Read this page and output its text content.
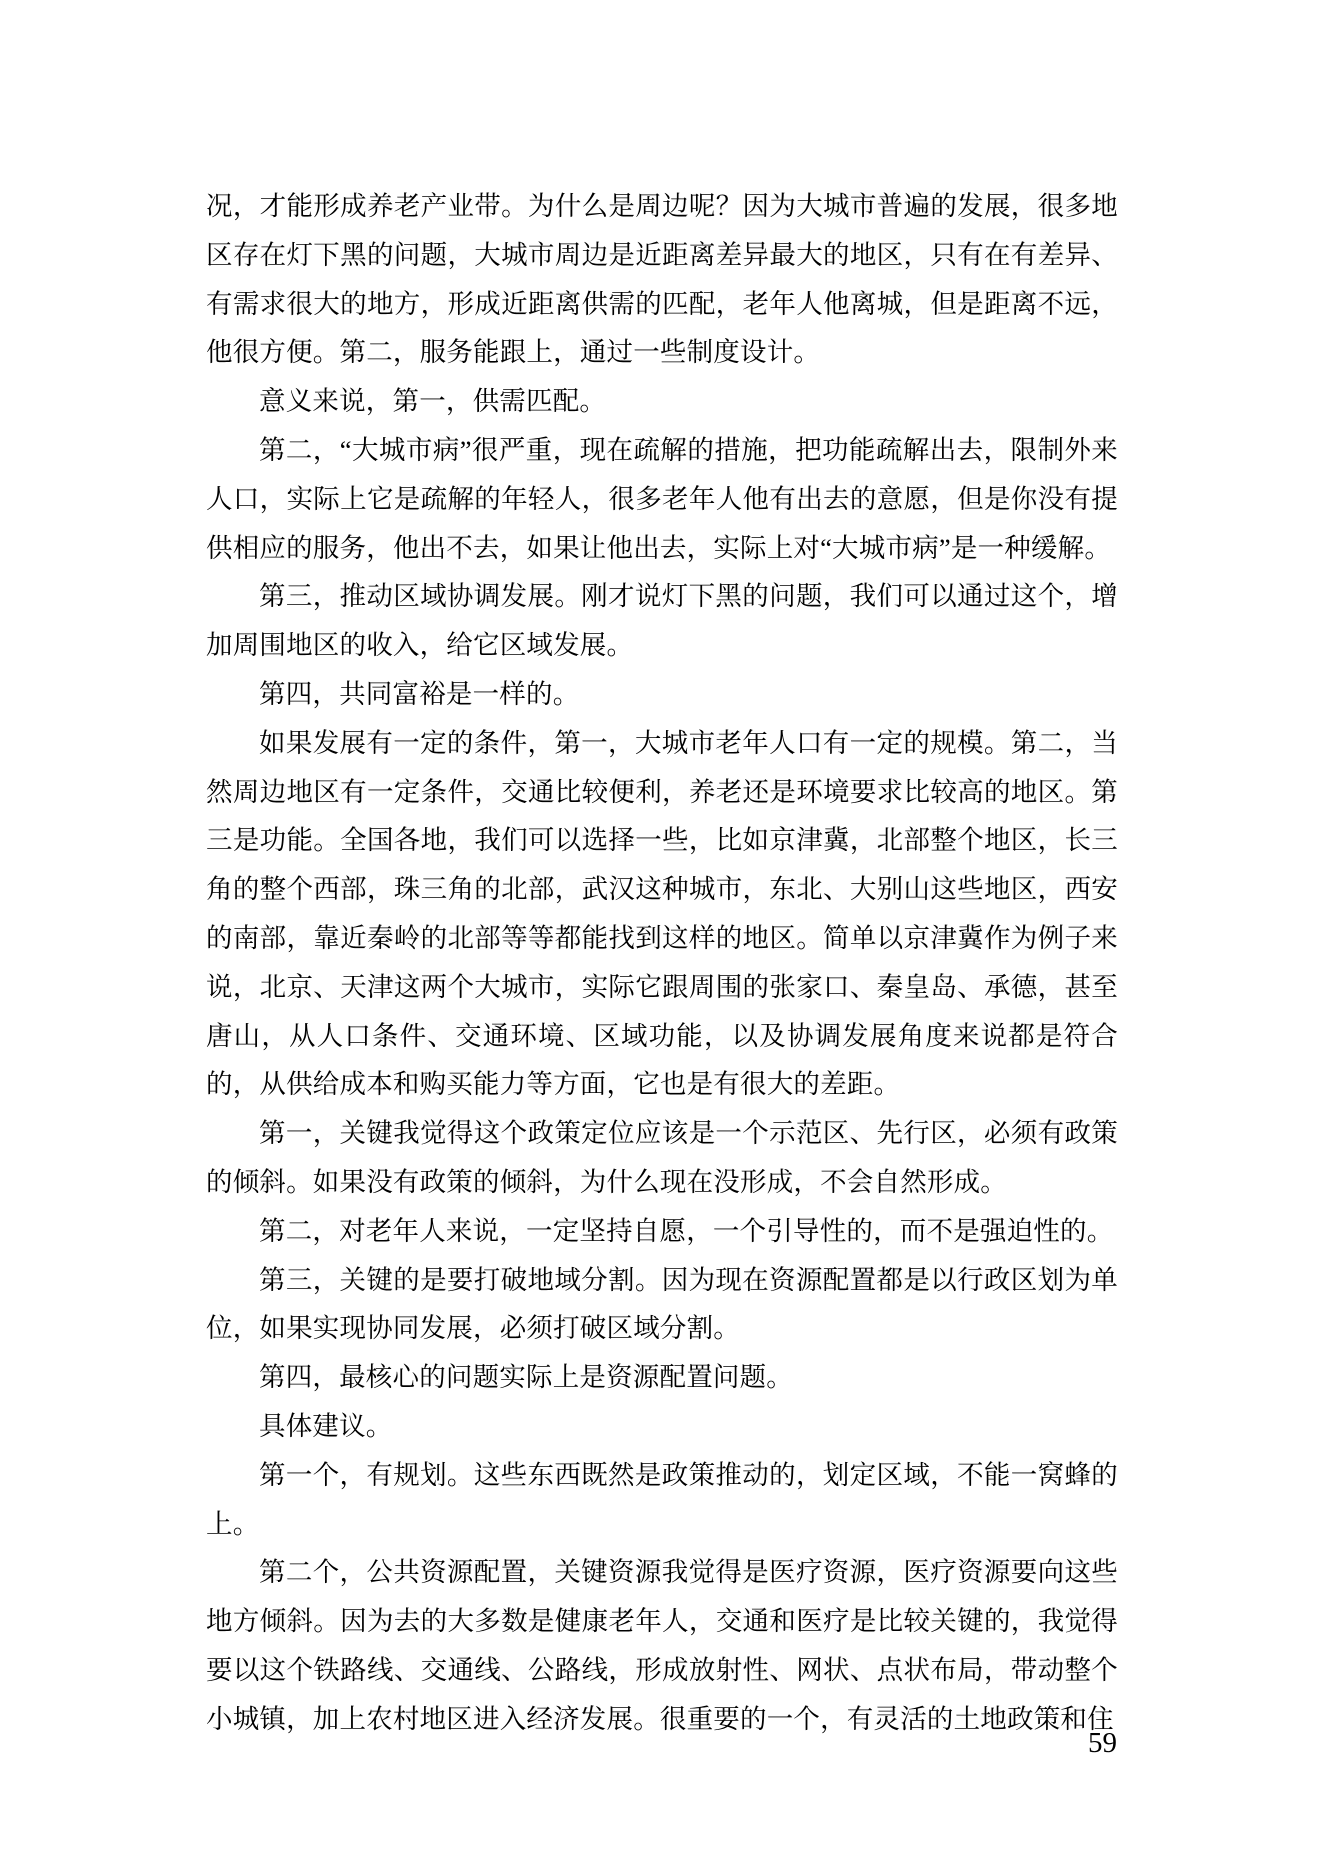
况，才能形成养老产业带。为什么是周边呢？因为大城市普遍的发展，很多地区存在灯下黑的问题，大城市周边是近距离差异最大的地区，只有在有差异、有需求很大的地方，形成近距离供需的匹配，老年人他离城，但是距离不远，他很方便。第二，服务能跟上，通过一些制度设计。

意义来说，第一，供需匹配。

第二，“大城市病”很严重，现在疏解的措施，把功能疏解出去，限制外来人口，实际上它是疏解的年轻人，很多老年人他有出去的意愿，但是你没有提供相应的服务，他出不去，如果让他出去，实际上对“大城市病”是一种缓解。

第三，推动区域协调发展。刚才说灯下黑的问题，我们可以通过这个，增加周围地区的收入，给它区域发展。

第四，共同富裕是一样的。

如果发展有一定的条件，第一，大城市老年人口有一定的规模。第二，当然周边地区有一定条件，交通比较便利，养老还是环境要求比较高的地区。第三是功能。全国各地，我们可以选择一些，比如京津冀，北部整个地区，长三角的整个西部，珠三角的北部，武汉这种城市，东北、大别山这些地区，西安的南部，靠近秦岭的北部等等都能找到这样的地区。简单以京津冀作为例子来说，北京、天津这两个大城市，实际它跟周围的张家口、秦皇岛、承德，甚至唐山，从人口条件、交通环境、区域功能，以及协调发展角度来说都是符合的，从供给成本和购买能力等方面，它也是有很大的差距。

第一，关键我觉得这个政策定位应该是一个示范区、先行区，必须有政策的倾斜。如果没有政策的倾斜，为什么现在没形成，不会自然形成。

第二，对老年人来说，一定坚持自愿，一个引导性的，而不是强迫性的。

第三，关键的是要打破地域分割。因为现在资源配置都是以行政区划为单位，如果实现协同发展，必须打破区域分割。

第四，最核心的问题实际上是资源配置问题。

具体建议。

第一个，有规划。这些东西既然是政策推动的，划定区域，不能一窝蜂的上。

第二个，公共资源配置，关键资源我觉得是医疗资源，医疗资源要向这些地方倾斜。因为去的大多数是健康老年人，交通和医疗是比较关键的，我觉得要以这个铁路线、交通线、公路线，形成放射性、网状、点状布局，带动整个小城镇，加上农村地区进入经济发展。很重要的一个，有灵活的土地政策和住

59
